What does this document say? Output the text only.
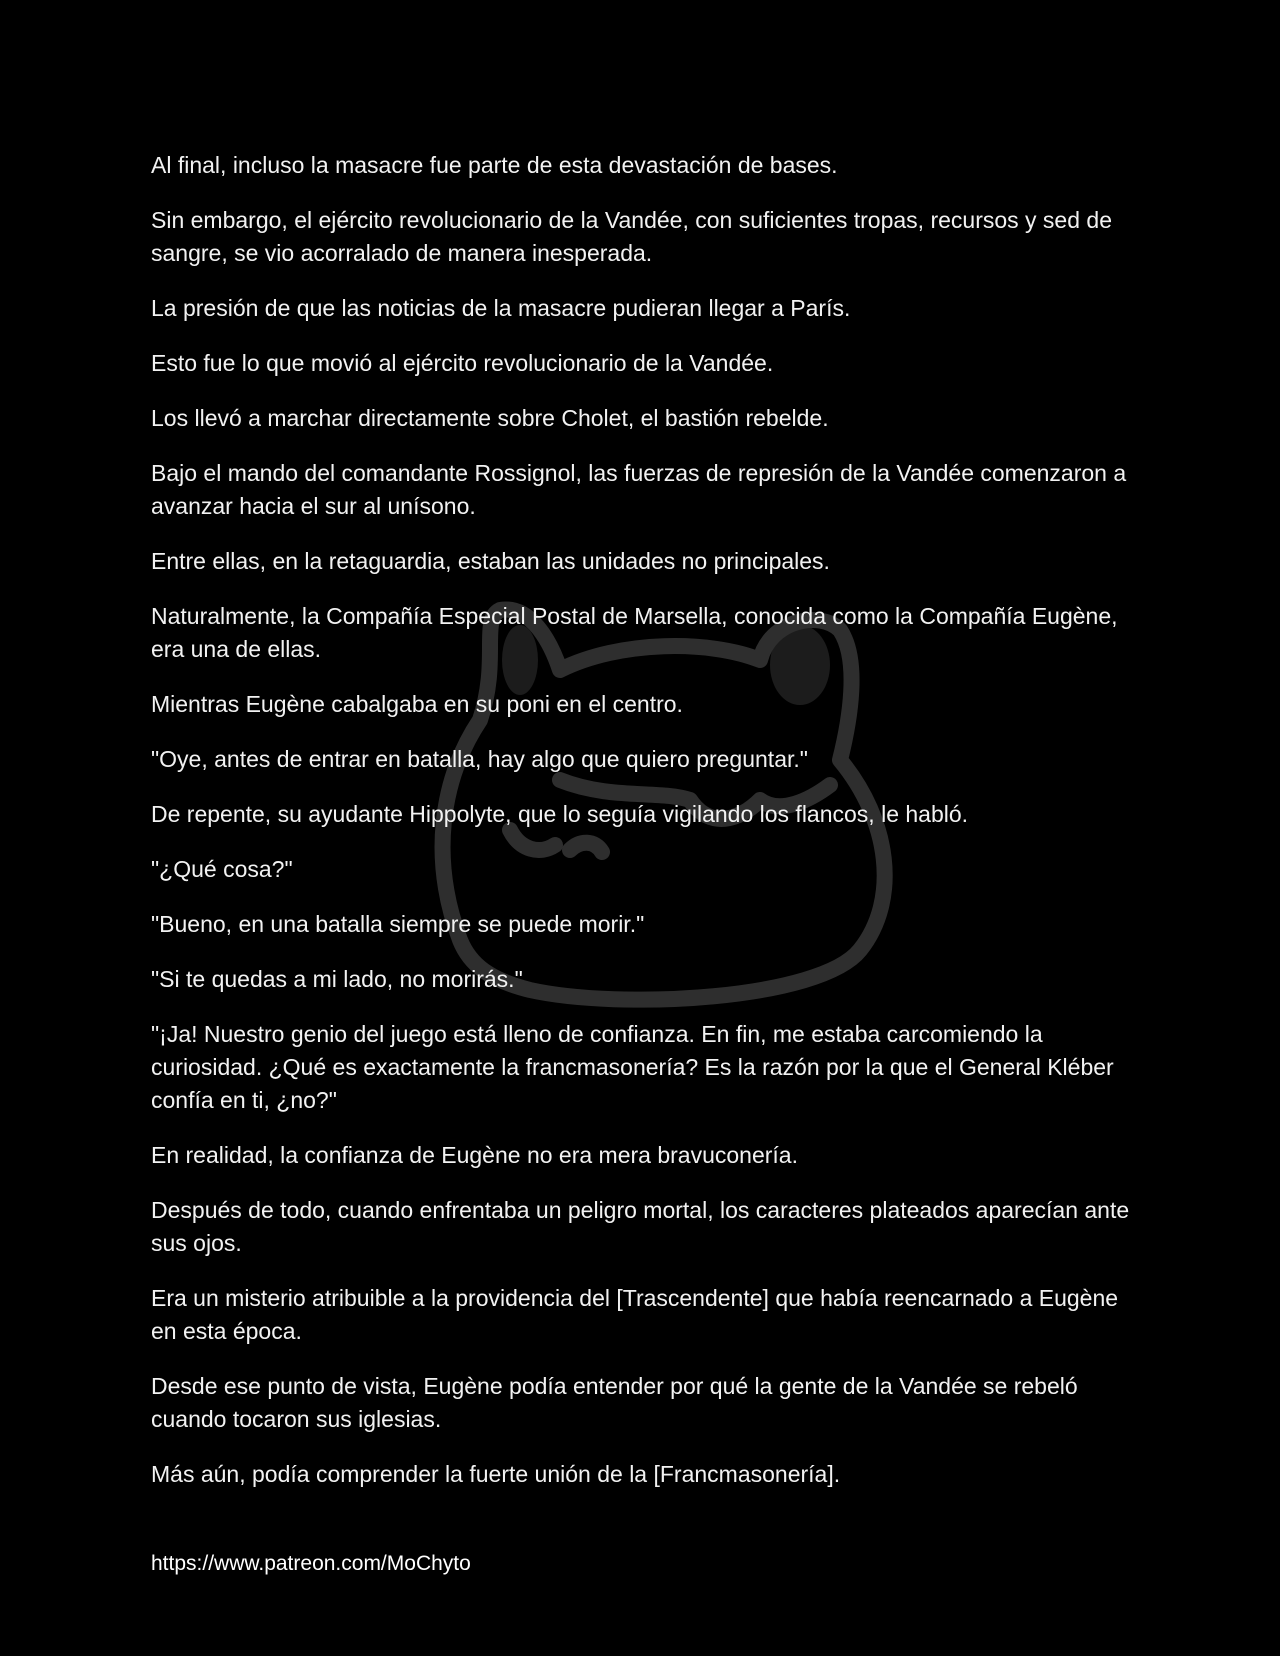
Al final, incluso la masacre fue parte de esta devastación de bases.

Sin embargo, el ejército revolucionario de la Vandée, con suficientes tropas, recursos y sed de sangre, se vio acorralado de manera inesperada.

La presión de que las noticias de la masacre pudieran llegar a París.

Esto fue lo que movió al ejército revolucionario de la Vandée.

Los llevó a marchar directamente sobre Cholet, el bastión rebelde.

Bajo el mando del comandante Rossignol, las fuerzas de represión de la Vandée comenzaron a avanzar hacia el sur al unísono.

Entre ellas, en la retaguardia, estaban las unidades no principales.

Naturalmente, la Compañía Especial Postal de Marsella, conocida como la Compañía Eugène, era una de ellas.

Mientras Eugène cabalgaba en su poni en el centro.

"Oye, antes de entrar en batalla, hay algo que quiero preguntar."

De repente, su ayudante Hippolyte, que lo seguía vigilando los flancos, le habló.

"¿Qué cosa?"

"Bueno, en una batalla siempre se puede morir."

"Si te quedas a mi lado, no morirás."

"¡Ja! Nuestro genio del juego está lleno de confianza. En fin, me estaba carcomiendo la curiosidad. ¿Qué es exactamente la francmasonería? Es la razón por la que el General Kléber confía en ti, ¿no?"

En realidad, la confianza de Eugène no era mera bravuconería.

Después de todo, cuando enfrentaba un peligro mortal, los caracteres plateados aparecían ante sus ojos.

Era un misterio atribuible a la providencia del [Trascendente] que había reencarnado a Eugène en esta época.

Desde ese punto de vista, Eugène podía entender por qué la gente de la Vandée se rebeló cuando tocaron sus iglesias.

Más aún, podía comprender la fuerte unión de la [Francmasonería].

https://www.patreon.com/MoChyto
